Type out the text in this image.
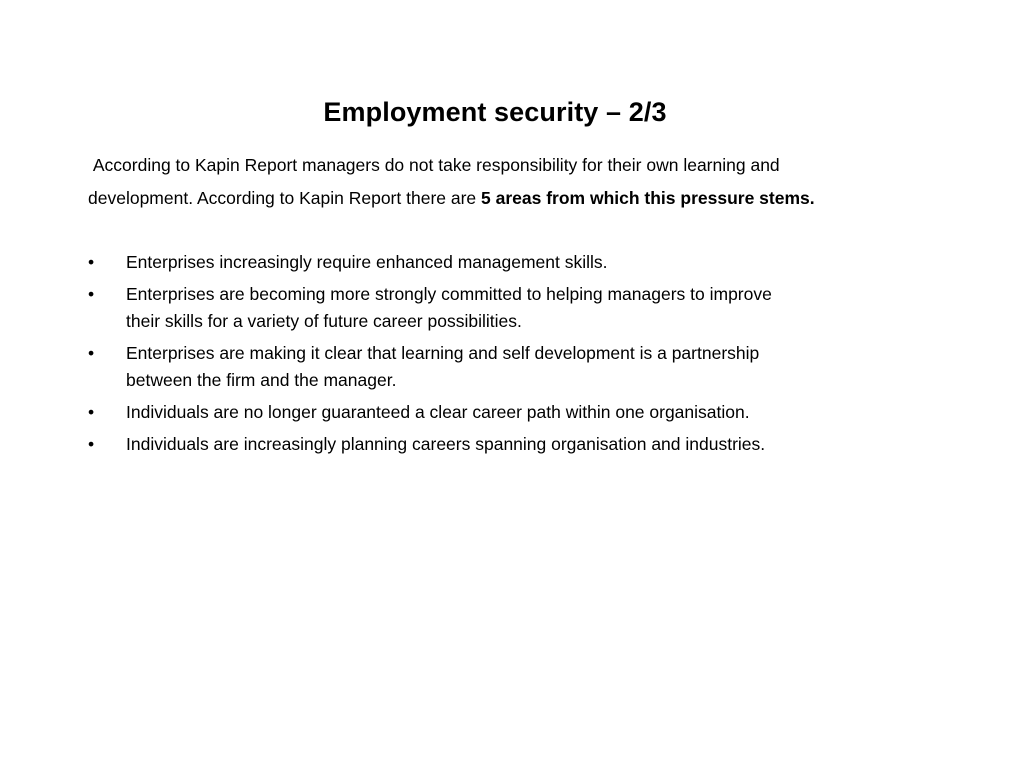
Employment security – 2/3
According to Kapin Report managers do not take responsibility for their own learning and
development. According to Kapin Report there are 5 areas from which this pressure stems.
•	Enterprises increasingly require enhanced management skills.
•	Enterprises are becoming more strongly committed to helping managers to improve
their skills for a variety of future career possibilities.
•	Enterprises are making it clear that learning and self development is a partnership
between the firm and the manager.
•	Individuals are no longer guaranteed a clear career path within one organisation.
•	Individuals are increasingly planning careers spanning organisation and industries.
